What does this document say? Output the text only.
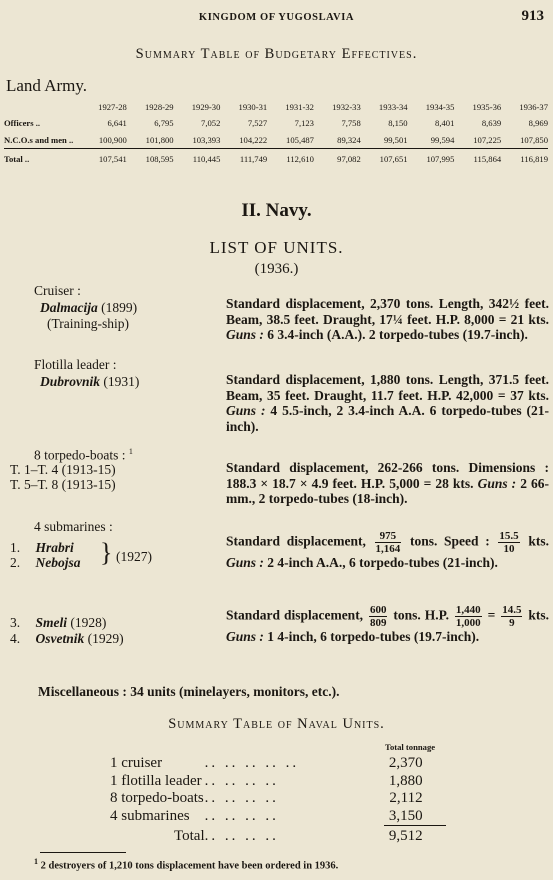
KINGDOM OF YUGOSLAVIA	913
Summary Table of Budgetary Effectives.
Land Army.
	1927-28	1928-29	1929-30	1930-31	1931-32	1932-33	1933-34	1934-35	1935-36	1936-37
Officers ..	6,641	6,795	7,052	7,527	7,123	7,758	8,150	8,401	8,639	8,969
N.C.O.s and men ..	100,900	101,800	103,393	104,222	105,487	89,324	99,501	99,594	107,225	107,850
Total ..	107,541	108,595	110,445	111,749	112,610	97,082	107,651	107,995	115,864	116,819
II. Navy.
LIST OF UNITS.
(1936.)
Cruiser :
Dalmacija (1899)
(Training-ship)
Standard displacement, 2,370 tons. Length, 342½ feet. Beam, 38.5 feet. Draught, 17¼ feet. H.P. 8,000 = 21 kts. Guns : 6 3.4-inch (A.A.). 2 torpedo-tubes (19.7-inch).
Flotilla leader :
Dubrovnik (1931)	Standard displacement, 1,880 tons. Length, 371.5 feet. Beam, 35 feet. Draught, 11.7 feet. H.P. 42,000 = 37 kts. Guns : 4 5.5-inch, 2 3.4-inch A.A. 6 torpedo-tubes (21-inch).
8 torpedo-boats : $^1$
T. 1–T. 4 (1913-15)
T. 5–T. 8 (1913-15)
Standard displacement, 262-266 tons. Dimensions : 188.3 × 18.7 × 4.9 feet. H.P. 5,000 = 28 kts. Guns : 2 66-mm., 2 torpedo-tubes (18-inch).
4 submarines :
1. Hrabri
2. Nebojsa } (1927)
Standard displacement, $\frac{975}{1,164}$ tons. Speed : $\frac{15.5}{10}$ kts. Guns : 2 4-inch A.A., 6 torpedo-tubes (21-inch).
3. Smeli (1928)
4. Osvetnik (1929)
Standard displacement, $\frac{600}{809}$ tons. H.P. $\frac{1,440}{1,000} = \frac{14.5}{9}$ kts. Guns : 1 4-inch, 6 torpedo-tubes (19.7-inch).
Miscellaneous : 34 units (minelayers, monitors, etc.).
Summary Table of Naval Units.
Total tonnage
1 cruiser	.. .. .. .. ..	2,370
1 flotilla leader	.. .. .. ..	1,880
8 torpedo-boats	.. .. .. ..	2,112
4 submarines	.. .. .. ..	3,150
Total	.. .. .. ..	9,512
$^1$ 2 destroyers of 1,210 tons displacement have been ordered in 1936.
